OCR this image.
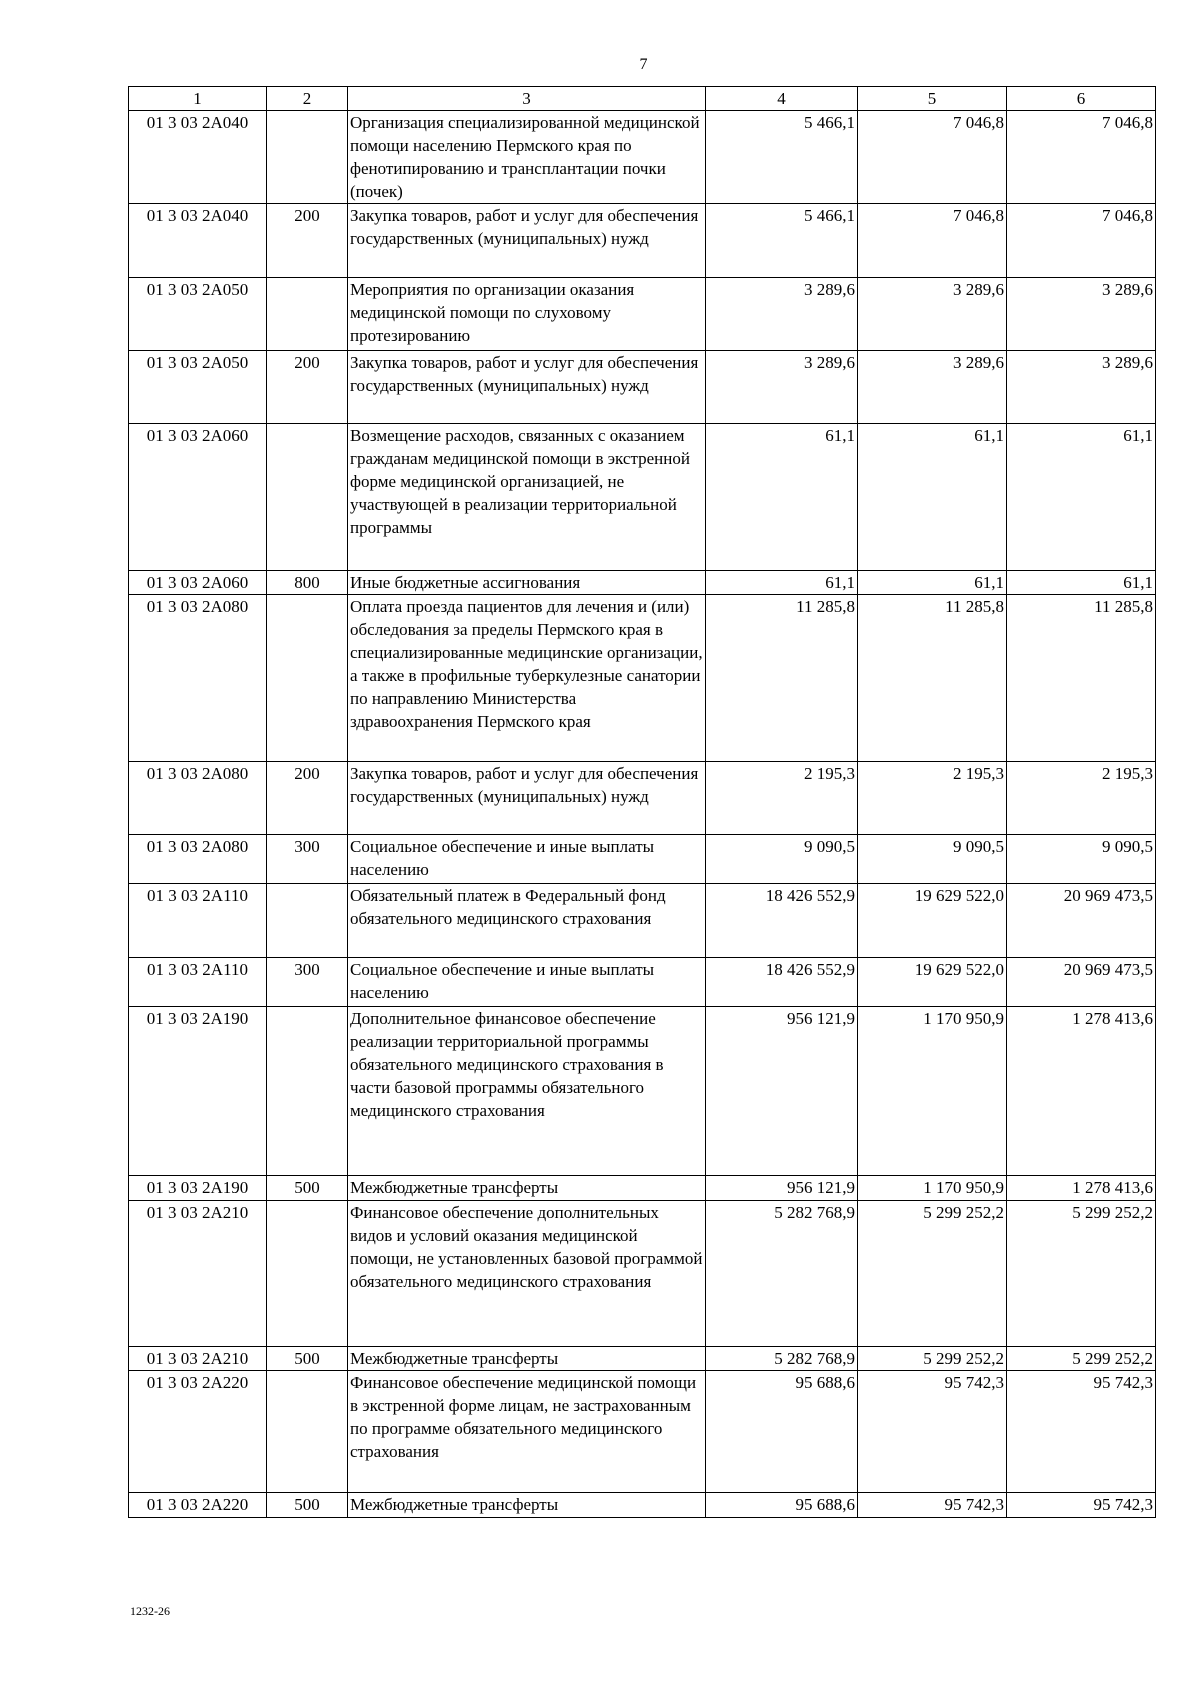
7
1	2	3	4	5	6
01 3 03 2A040		Организация специализированной медицинской помощи населению Пермского края по фенотипированию и трансплантации почки (почек)	5 466,1	7 046,8	7 046,8
01 3 03 2A040	200	Закупка товаров, работ и услуг для обеспечения государственных (муниципальных) нужд	5 466,1	7 046,8	7 046,8
01 3 03 2A050		Мероприятия по организации оказания медицинской помощи по слуховому протезированию	3 289,6	3 289,6	3 289,6
01 3 03 2A050	200	Закупка товаров, работ и услуг для обеспечения государственных (муниципальных) нужд	3 289,6	3 289,6	3 289,6
01 3 03 2A060		Возмещение расходов, связанных с оказанием гражданам медицинской помощи в экстренной форме медицинской организацией, не участвующей в реализации территориальной программы	61,1	61,1	61,1
01 3 03 2A060	800	Иные бюджетные ассигнования	61,1	61,1	61,1
01 3 03 2A080		Оплата проезда пациентов для лечения и (или) обследования за пределы Пермского края в специализированные медицинские организации, а также в профильные туберкулезные санатории по направлению Министерства здравоохранения Пермского края	11 285,8	11 285,8	11 285,8
01 3 03 2A080	200	Закупка товаров, работ и услуг для обеспечения государственных (муниципальных) нужд	2 195,3	2 195,3	2 195,3
01 3 03 2A080	300	Социальное обеспечение и иные выплаты населению	9 090,5	9 090,5	9 090,5
01 3 03 2A110		Обязательный платеж в Федеральный фонд обязательного медицинского страхования	18 426 552,9	19 629 522,0	20 969 473,5
01 3 03 2A110	300	Социальное обеспечение и иные выплаты населению	18 426 552,9	19 629 522,0	20 969 473,5
01 3 03 2A190		Дополнительное финансовое обеспечение реализации территориальной программы обязательного медицинского страхования в части базовой программы обязательного медицинского страхования	956 121,9	1 170 950,9	1 278 413,6
01 3 03 2A190	500	Межбюджетные трансферты	956 121,9	1 170 950,9	1 278 413,6
01 3 03 2A210		Финансовое обеспечение дополнительных видов и условий оказания медицинской помощи, не установленных базовой программой обязательного медицинского страхования	5 282 768,9	5 299 252,2	5 299 252,2
01 3 03 2A210	500	Межбюджетные трансферты	5 282 768,9	5 299 252,2	5 299 252,2
01 3 03 2A220		Финансовое обеспечение медицинской помощи в экстренной форме лицам, не застрахованным по программе обязательного медицинского страхования	95 688,6	95 742,3	95 742,3
01 3 03 2A220	500	Межбюджетные трансферты	95 688,6	95 742,3	95 742,3
1232-26
